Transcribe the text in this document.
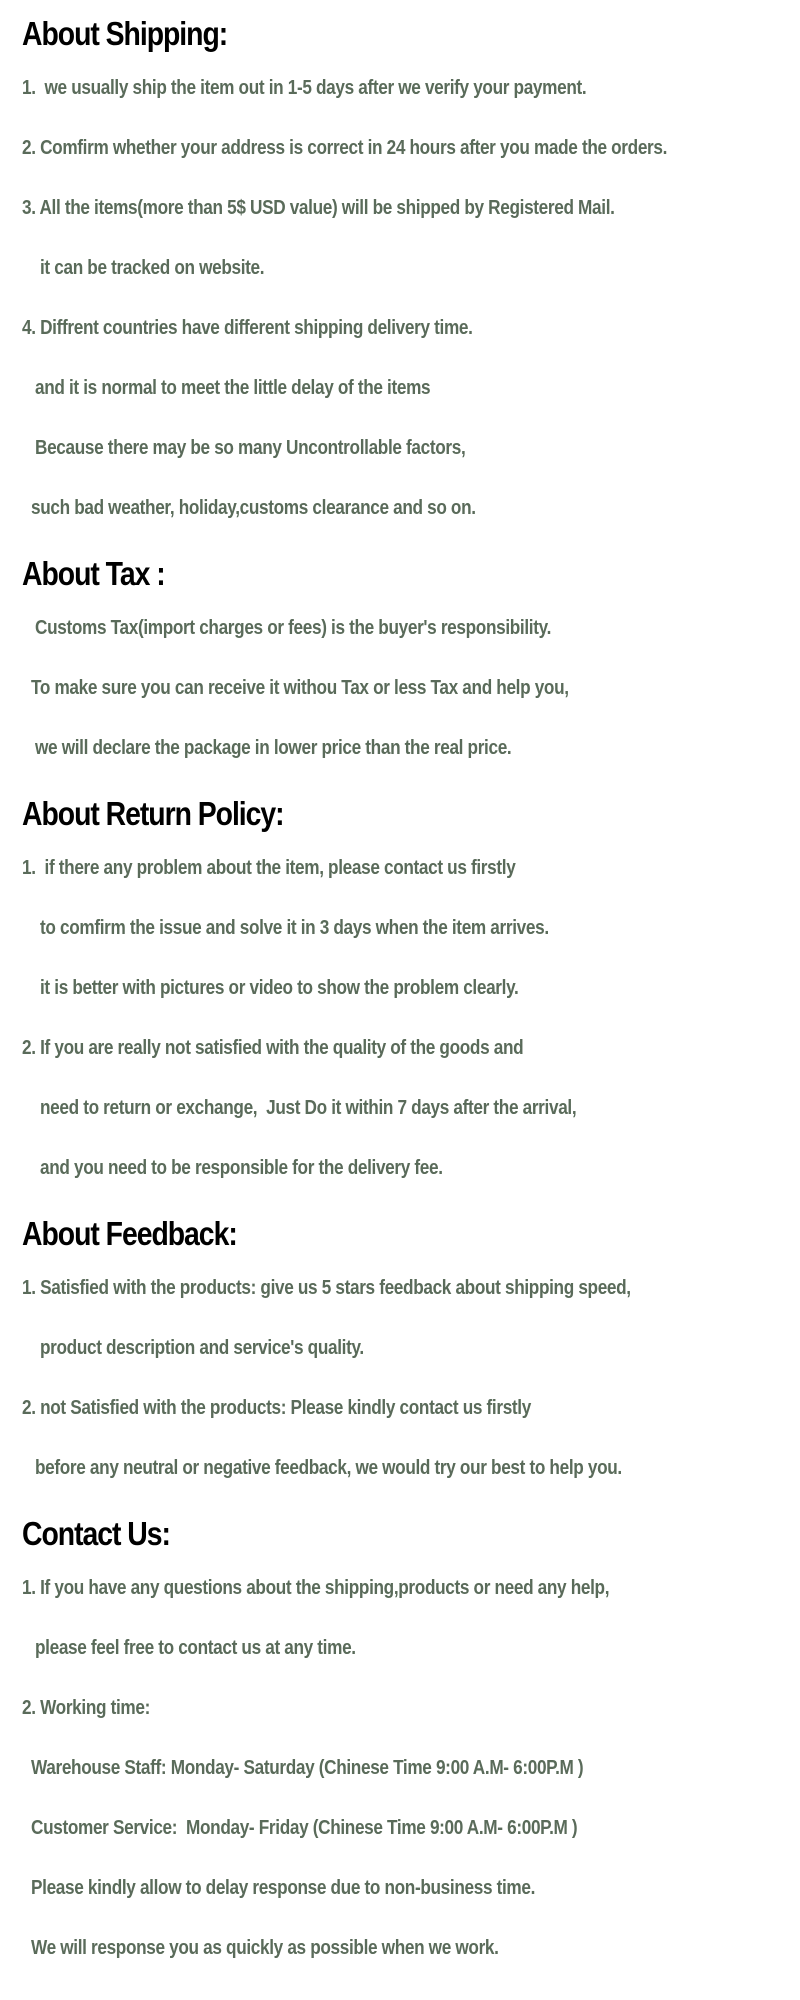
About Shipping:

1.  we usually ship the item out in 1-5 days after we verify your payment.

2. Comfirm whether your address is correct in 24 hours after you made the orders.

3. All the items(more than 5$ USD value) will be shipped by Registered Mail.

it can be tracked on website.

4. Diffrent countries have different shipping delivery time.

and it is normal to meet the little delay of the items

Because there may be so many Uncontrollable factors,

such bad weather, holiday,customs clearance and so on.

About Tax :

Customs Tax(import charges or fees) is the buyer's responsibility.

To make sure you can receive it withou Tax or less Tax and help you,

we will declare the package in lower price than the real price.

About Return Policy:

1.  if there any problem about the item, please contact us firstly

to comfirm the issue and solve it in 3 days when the item arrives.

it is better with pictures or video to show the problem clearly.

2. If you are really not satisfied with the quality of the goods and

need to return or exchange,  Just Do it within 7 days after the arrival,

and you need to be responsible for the delivery fee.

About Feedback:

1. Satisfied with the products: give us 5 stars feedback about shipping speed,

product description and service's quality.

2. not Satisfied with the products: Please kindly contact us firstly

before any neutral or negative feedback, we would try our best to help you.

Contact Us:

1. If you have any questions about the shipping,products or need any help,

please feel free to contact us at any time.

2. Working time:

Warehouse Staff: Monday- Saturday (Chinese Time 9:00 A.M- 6:00P.M )

Customer Service:  Monday- Friday (Chinese Time 9:00 A.M- 6:00P.M )

Please kindly allow to delay response due to non-business time.

We will response you as quickly as possible when we work.
